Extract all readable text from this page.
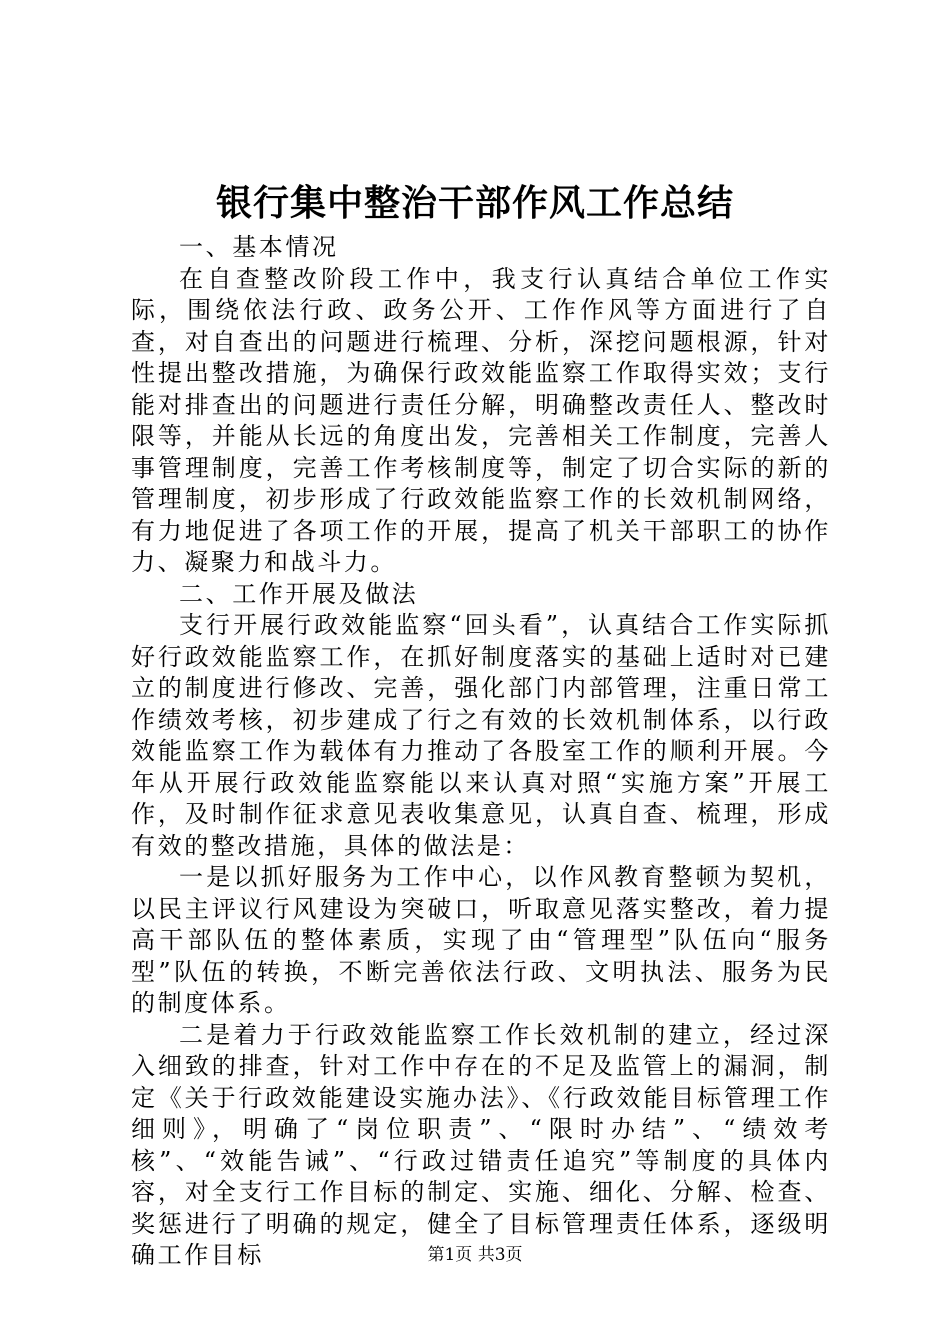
银行集中整治干部作风工作总结

一、基本情况

在自查整改阶段工作中，我支行认真结合单位工作实际，围绕依法行政、政务公开、工作作风等方面进行了自查，对自查出的问题进行梳理、分析，深挖问题根源，针对性提出整改措施，为确保行政效能监察工作取得实效；支行能对排查出的问题进行责任分解，明确整改责任人、整改时限等，并能从长远的角度出发，完善相关工作制度，完善人事管理制度，完善工作考核制度等，制定了切合实际的新的管理制度，初步形成了行政效能监察工作的长效机制网络，有力地促进了各项工作的开展，提高了机关干部职工的协作力、凝聚力和战斗力。

二、工作开展及做法

支行开展行政效能监察“回头看”，认真结合工作实际抓好行政效能监察工作，在抓好制度落实的基础上适时对已建立的制度进行修改、完善，强化部门内部管理，注重日常工作绩效考核，初步建成了行之有效的长效机制体系，以行政效能监察工作为载体有力推动了各股室工作的顺利开展。今年从开展行政效能监察能以来认真对照“实施方案”开展工作，及时制作征求意见表收集意见，认真自查、梳理，形成有效的整改措施，具体的做法是：

一是以抓好服务为工作中心，以作风教育整顿为契机，以民主评议行风建设为突破口，听取意见落实整改，着力提高干部队伍的整体素质，实现了由“管理型”队伍向“服务型”队伍的转换，不断完善依法行政、文明执法、服务为民的制度体系。

二是着力于行政效能监察工作长效机制的建立，经过深入细致的排查，针对工作中存在的不足及监管上的漏洞，制定《关于行政效能建设实施办法》、《行政效能目标管理工作细则》，明确了“岗位职责”、“限时办结”、“绩效考核”、“效能告诫”、“行政过错责任追究”等制度的具体内容，对全支行工作目标的制定、实施、细化、分解、检查、奖惩进行了明确的规定，健全了目标管理责任体系，逐级明确工作目标	第1页 共3页
